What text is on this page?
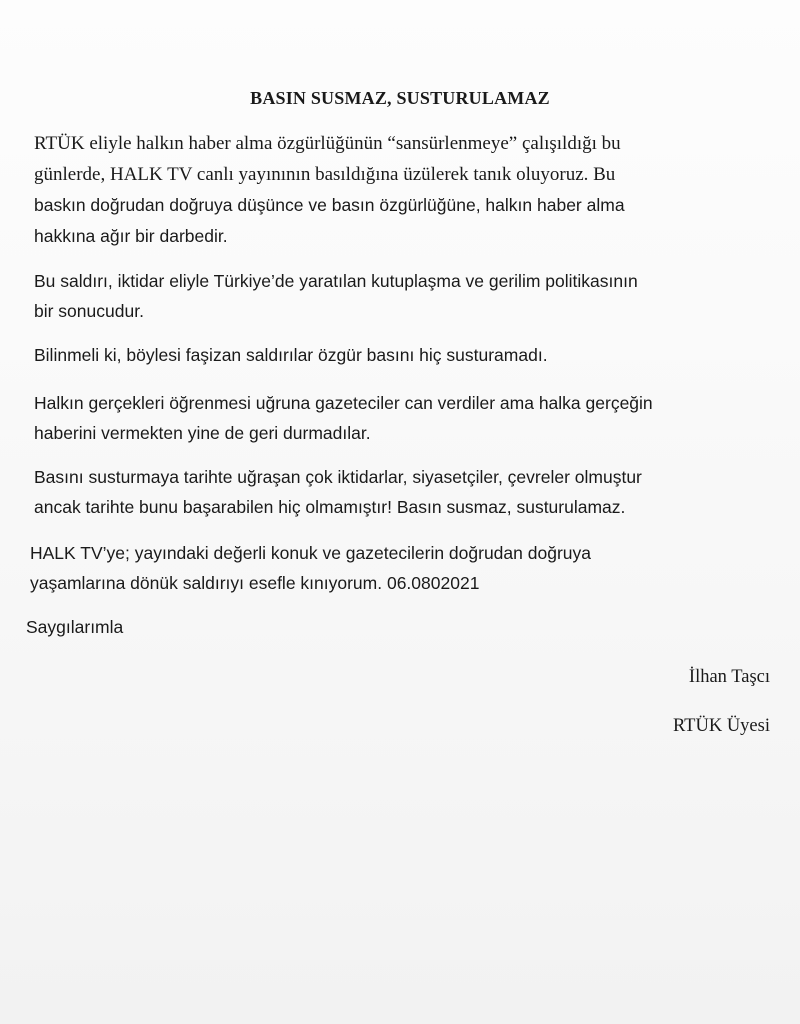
BASIN SUSMAZ, SUSTURULAMAZ

RTÜK eliyle halkın haber alma özgürlüğünün “sansürlenmeye” çalışıldığı bu
günlerde, HALK TV canlı yayınının basıldığına üzülerek tanık oluyoruz. Bu
baskın doğrudan doğruya düşünce ve basın özgürlüğüne, halkın haber alma
hakkına ağır bir darbedir.

Bu saldırı, iktidar eliyle Türkiye’de yaratılan kutuplaşma ve gerilim politikasının
bir sonucudur.

Bilinmeli ki, böylesi faşizan saldırılar özgür basını hiç susturamadı.

Halkın gerçekleri öğrenmesi uğruna gazeteciler can verdiler ama halka gerçeğin
haberini vermekten yine de geri durmadılar.

Basını susturmaya tarihte uğraşan çok iktidarlar, siyasetçiler, çevreler olmuştur
ancak tarihte bunu başarabilen hiç olmamıştır! Basın susmaz, susturulamaz.

HALK TV’ye; yayındaki değerli konuk ve gazetecilerin doğrudan doğruya
yaşamlarına dönük saldırıyı esefle kınıyorum. 06.0802021

Saygılarımla
İlhan Taşcı
RTÜK Üyesi
